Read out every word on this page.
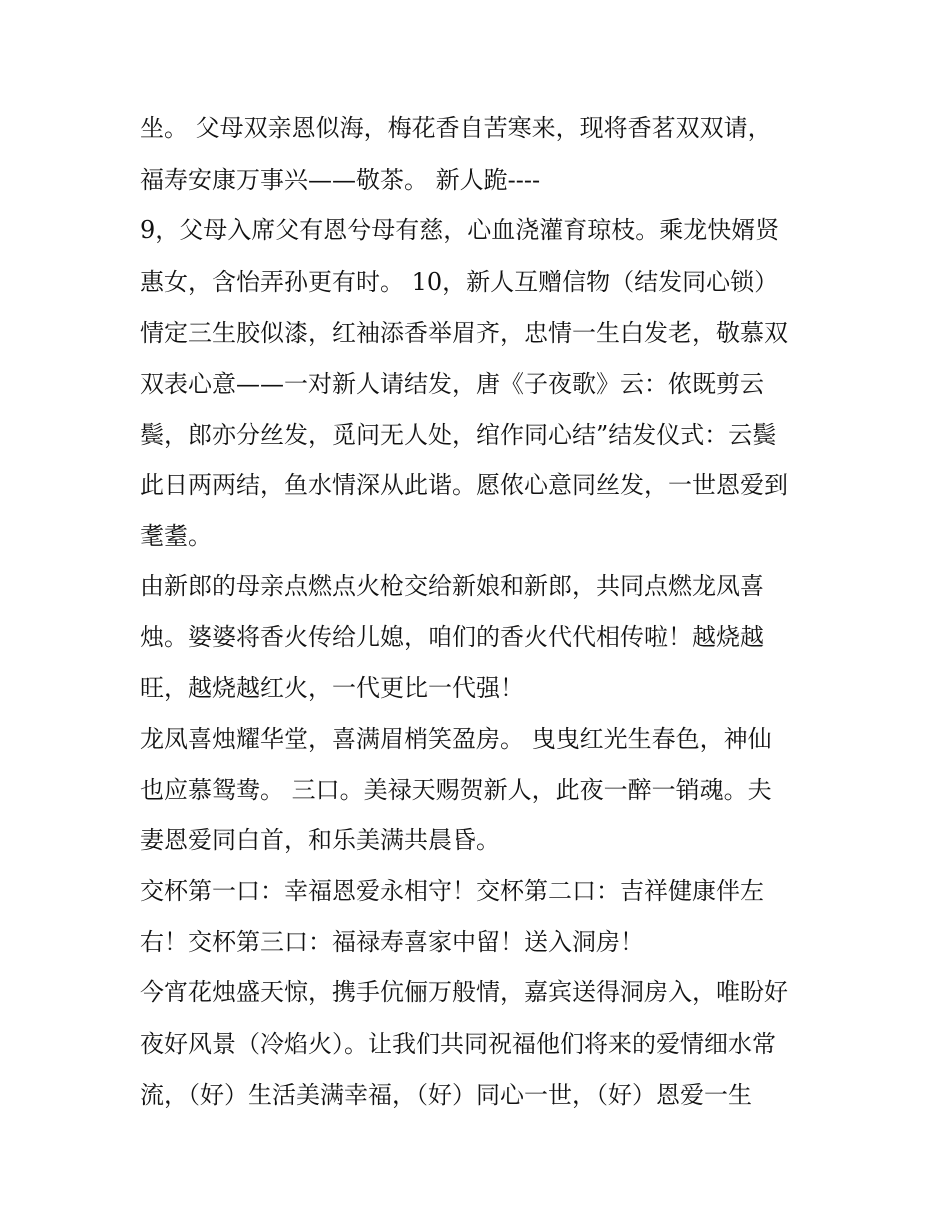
坐。 父母双亲恩似海，梅花香自苦寒来，现将香茗双双请，
福寿安康万事兴——敬茶。 新人跪----
9，父母入席父有恩兮母有慈，心血浇灌育琼枝。乘龙快婿贤
惠女，含怡弄孙更有时。 10，新人互赠信物（结发同心锁）
情定三生胶似漆，红袖添香举眉齐，忠情一生白发老，敬慕双
双表心意——一对新人请结发，唐《子夜歌》云：侬既剪云
鬓，郎亦分丝发，觅问无人处，绾作同心结”结发仪式：云鬓
此日两两结，鱼水情深从此谐。愿侬心意同丝发，一世恩爱到
耄耋。
由新郎的母亲点燃点火枪交给新娘和新郎，共同点燃龙凤喜
烛。婆婆将香火传给儿媳，咱们的香火代代相传啦！越烧越
旺，越烧越红火，一代更比一代强！
龙凤喜烛耀华堂，喜满眉梢笑盈房。 曳曳红光生春色，神仙
也应慕鸳鸯。 三口。美禄天赐贺新人，此夜一醉一销魂。夫
妻恩爱同白首，和乐美满共晨昏。
交杯第一口：幸福恩爱永相守！交杯第二口：吉祥健康伴左
右！交杯第三口：福禄寿喜家中留！送入洞房！
今宵花烛盛天惊，携手伉俪万般情，嘉宾送得洞房入，唯盼好
夜好风景（冷焰火）。让我们共同祝福他们将来的爱情细水常
流，（好）生活美满幸福，（好）同心一世，（好）恩爱一生
